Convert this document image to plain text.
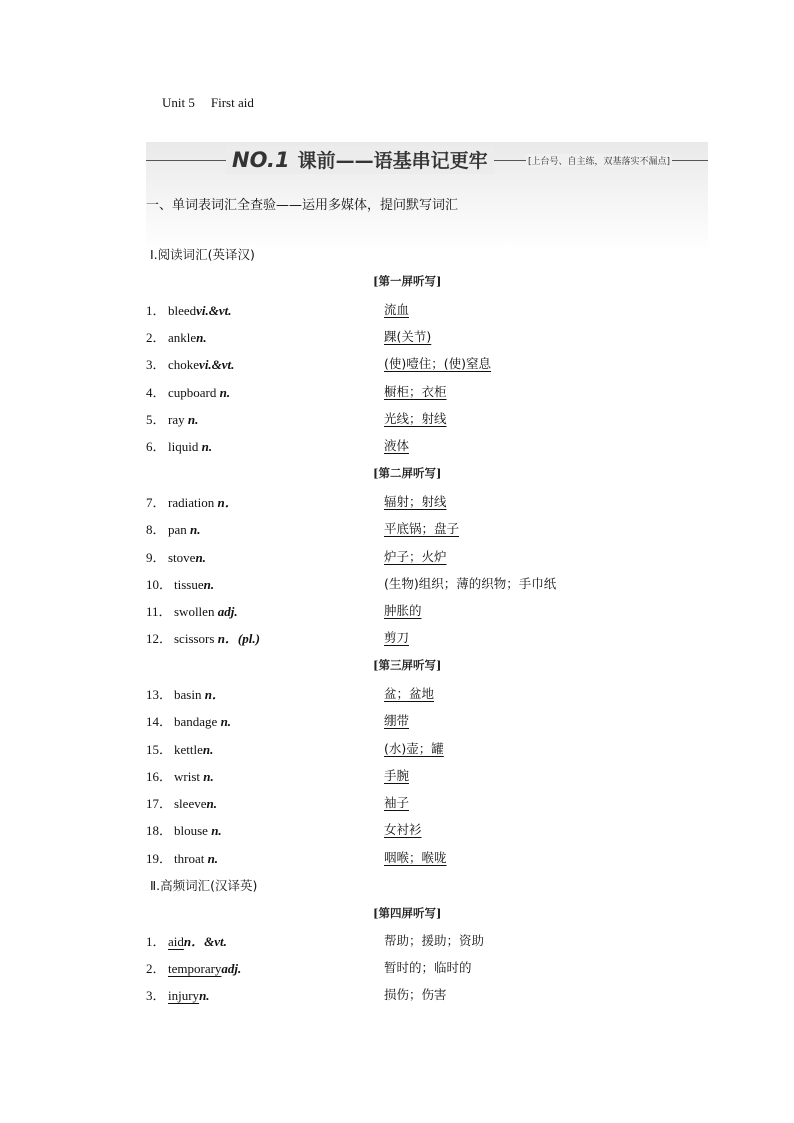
Unit 5 First aid
NO.1 课前——语基串记更牢	[上台号、自主练，双基落实不漏点]
一、单词表词汇全查验——运用多媒体，提问默写词汇
Ⅰ.阅读词汇(英译汉)
[第一屏听写]
1． bleedvi.&vt.	流血
2． anklen.	踝(关节)
3． chokevi.&vt.	(使)噎住；(使)窒息
4． cupboard n.	橱柜；衣柜
5． ray n.	光线；射线
6． liquid n.	液体
[第二屏听写]
7． radiation n．	辐射；射线
8． pan n.	平底锅；盘子
9． stoven.	炉子；火炉
10． tissuen.	(生物)组织；薄的织物；手巾纸
11． swollen adj.	肿胀的
12． scissors n．(pl.)	剪刀
[第三屏听写]
13． basin n．	盆；盆地
14． bandage n.	绷带
15． kettlen.	(水)壶；罐
16． wrist n.	手腕
17． sleeven.	袖子
18． blouse n.	女衬衫
19． throat n.	咽喉；喉咙
Ⅱ.高频词汇(汉译英)
[第四屏听写]
1． aidn．&vt.	帮助；援助；资助
2． temporaryadj.	暂时的；临时的
3． injuryn.	损伤；伤害
